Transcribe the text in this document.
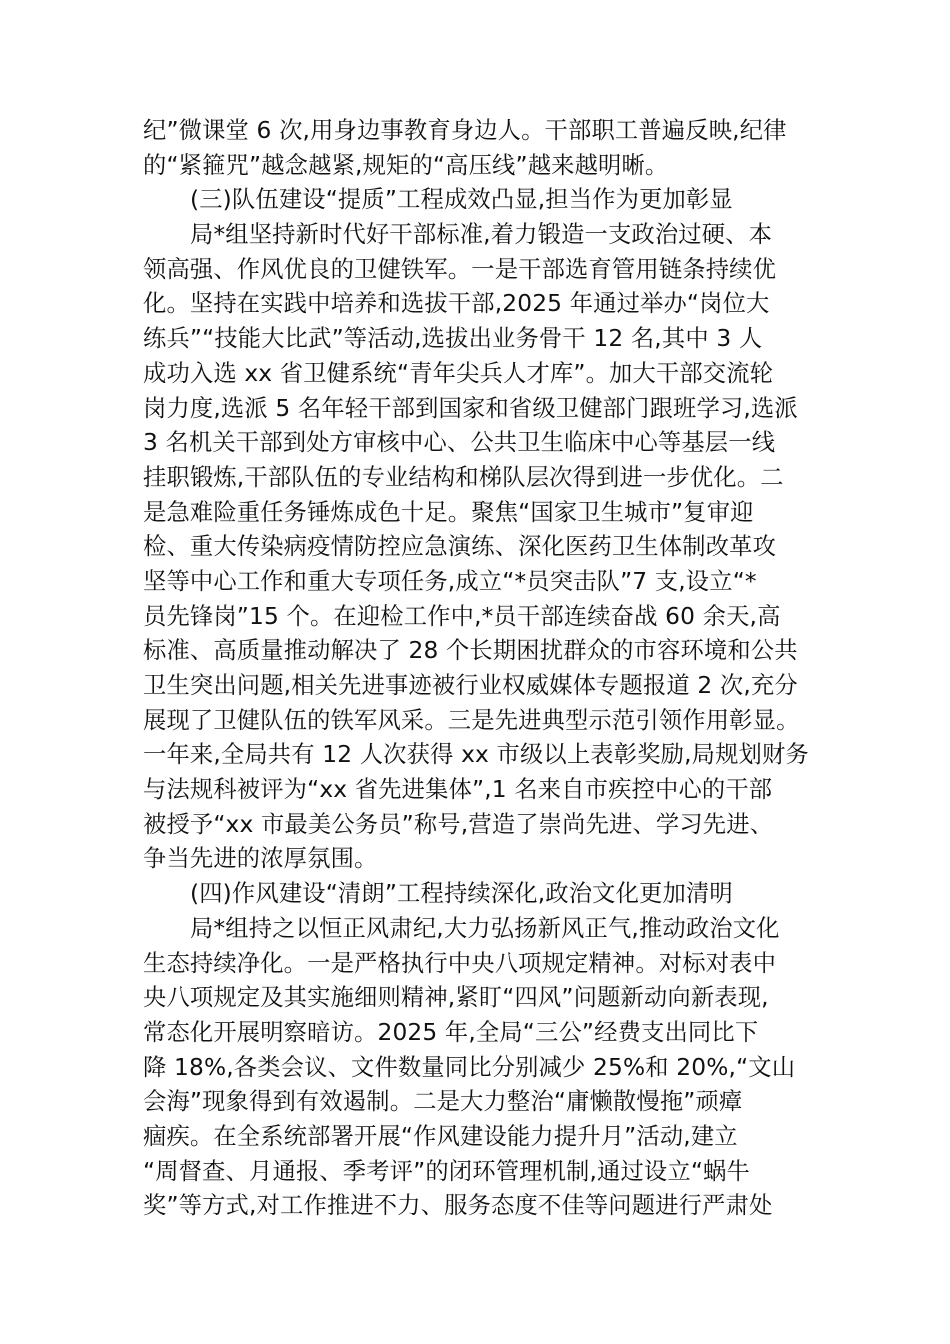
纪”微课堂 6 次,用身边事教育身边人。干部职工普遍反映,纪律
的“紧箍咒”越念越紧,规矩的“高压线”越来越明晰。
(三)队伍建设“提质”工程成效凸显,担当作为更加彰显
局*组坚持新时代好干部标准,着力锻造一支政治过硬、本
领高强、作风优良的卫健铁军。一是干部选育管用链条持续优
化。坚持在实践中培养和选拔干部,2025 年通过举办“岗位大
练兵”“技能大比武”等活动,选拔出业务骨干 12 名,其中 3 人
成功入选 xx 省卫健系统“青年尖兵人才库”。加大干部交流轮
岗力度,选派 5 名年轻干部到国家和省级卫健部门跟班学习,选派
3 名机关干部到处方审核中心、公共卫生临床中心等基层一线
挂职锻炼,干部队伍的专业结构和梯队层次得到进一步优化。二
是急难险重任务锤炼成色十足。聚焦“国家卫生城市”复审迎
检、重大传染病疫情防控应急演练、深化医药卫生体制改革攻
坚等中心工作和重大专项任务,成立“*员突击队”7 支,设立“*
员先锋岗”15 个。在迎检工作中,*员干部连续奋战 60 余天,高
标准、高质量推动解决了 28 个长期困扰群众的市容环境和公共
卫生突出问题,相关先进事迹被行业权威媒体专题报道 2 次,充分
展现了卫健队伍的铁军风采。三是先进典型示范引领作用彰显。
一年来,全局共有 12 人次获得 xx 市级以上表彰奖励,局规划财务
与法规科被评为“xx 省先进集体”,1 名来自市疾控中心的干部
被授予“xx 市最美公务员”称号,营造了崇尚先进、学习先进、
争当先进的浓厚氛围。
(四)作风建设“清朗”工程持续深化,政治文化更加清明
局*组持之以恒正风肃纪,大力弘扬新风正气,推动政治文化
生态持续净化。一是严格执行中央八项规定精神。对标对表中
央八项规定及其实施细则精神,紧盯“四风”问题新动向新表现,
常态化开展明察暗访。2025 年,全局“三公”经费支出同比下
降 18%,各类会议、文件数量同比分别减少 25%和 20%,“文山
会海”现象得到有效遏制。二是大力整治“庸懒散慢拖”顽瘴
痼疾。在全系统部署开展“作风建设能力提升月”活动,建立
“周督查、月通报、季考评”的闭环管理机制,通过设立“蜗牛
奖”等方式,对工作推进不力、服务态度不佳等问题进行严肃处
